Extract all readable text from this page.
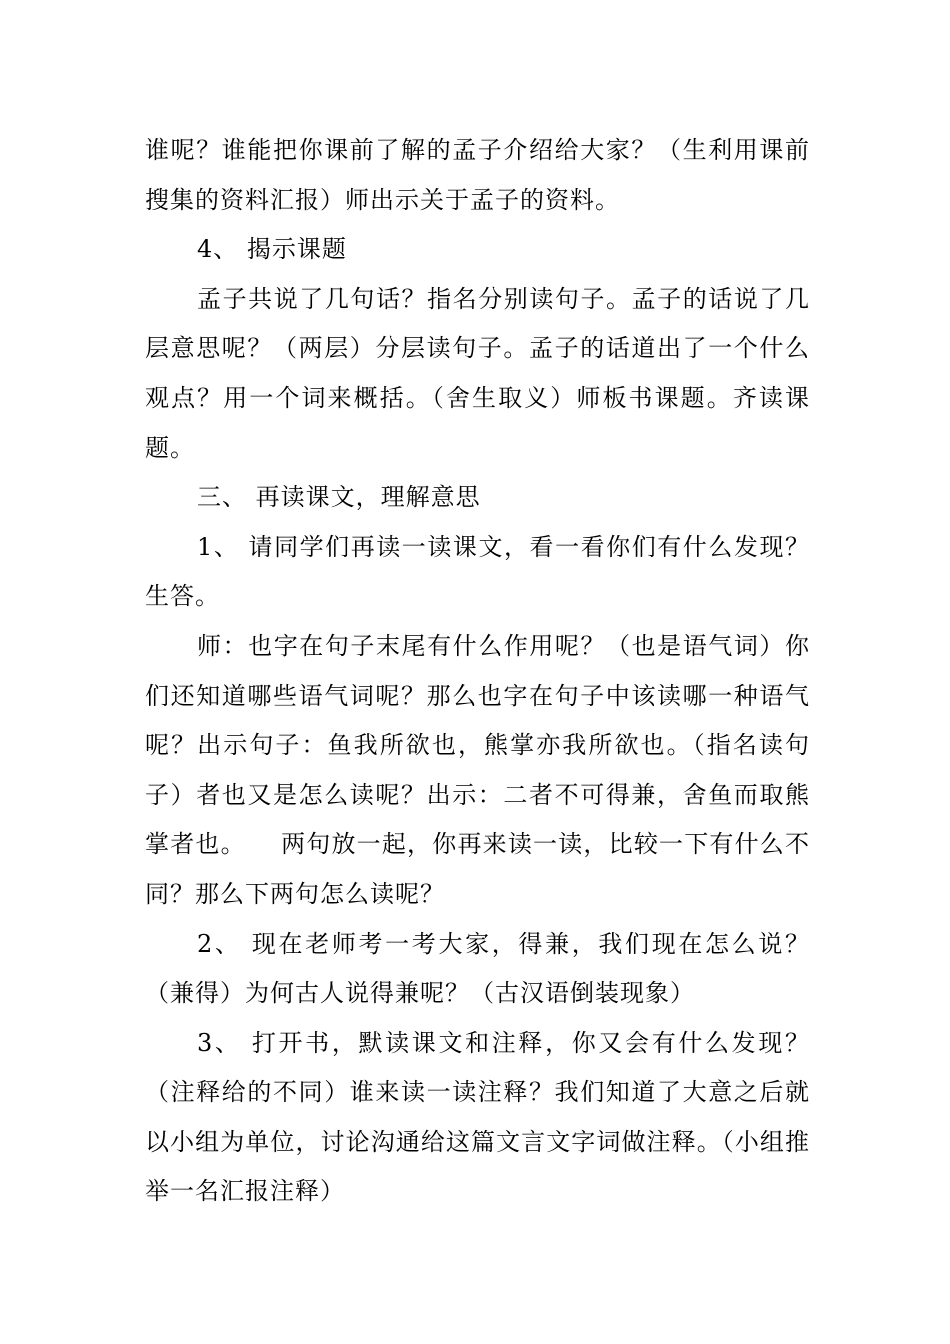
谁呢？谁能把你课前了解的孟子介绍给大家？（生利用课前搜集的资料汇报）师出示关于孟子的资料。

4、 揭示课题

孟子共说了几句话？指名分别读句子。孟子的话说了几层意思呢？（两层）分层读句子。孟子的话道出了一个什么观点？用一个词来概括。（舍生取义）师板书课题。齐读课题。

三、 再读课文，理解意思

1、 请同学们再读一读课文，看一看你们有什么发现？生答。

师：也字在句子末尾有什么作用呢？（也是语气词）你们还知道哪些语气词呢？那么也字在句子中该读哪一种语气呢？出示句子：鱼我所欲也，熊掌亦我所欲也。（指名读句子）者也又是怎么读呢？出示：二者不可得兼，舍鱼而取熊掌者也。    两句放一起，你再来读一读，比较一下有什么不同？那么下两句怎么读呢？

2、 现在老师考一考大家，得兼，我们现在怎么说？（兼得）为何古人说得兼呢？（古汉语倒装现象）

3、 打开书，默读课文和注释，你又会有什么发现？（注释给的不同）谁来读一读注释？我们知道了大意之后就以小组为单位，讨论沟通给这篇文言文字词做注释。（小组推举一名汇报注释）
